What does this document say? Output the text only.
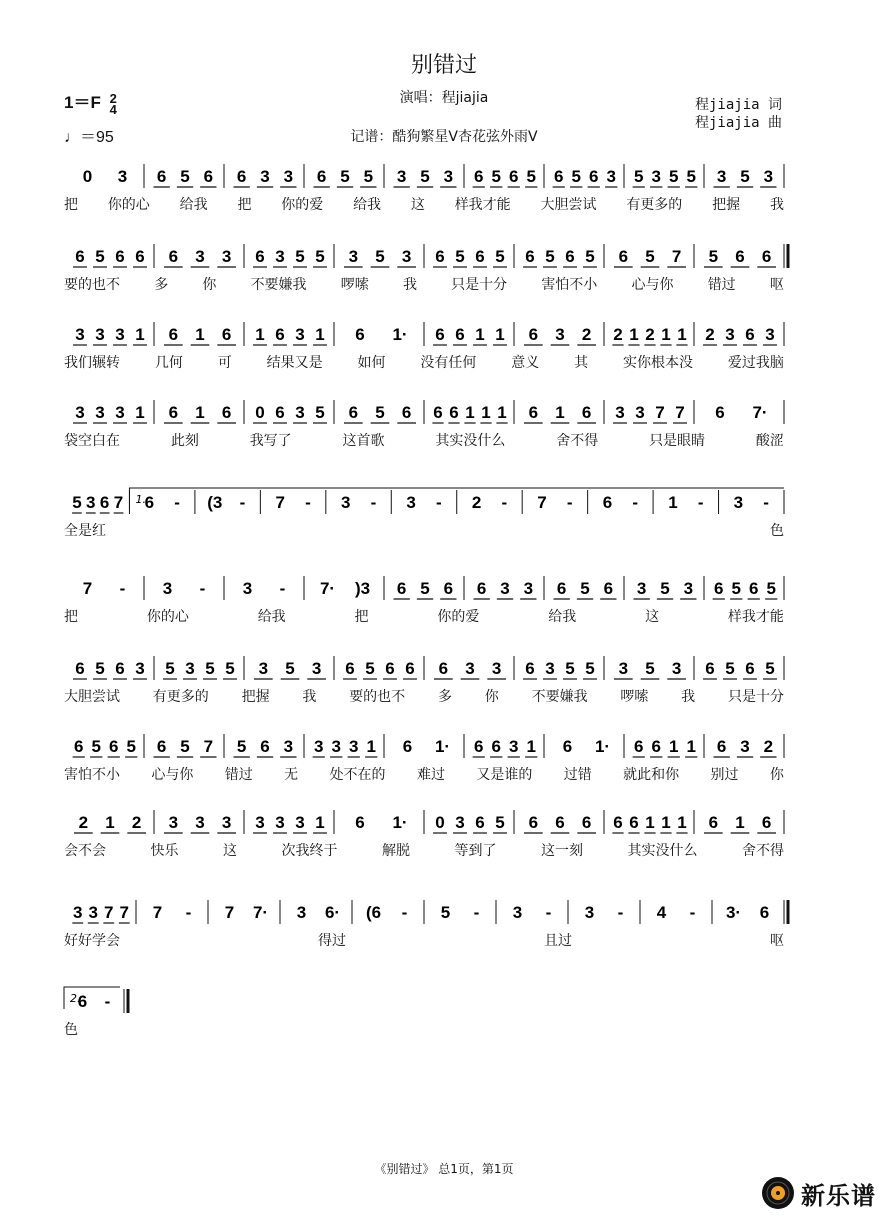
别错过
1＝F 2
4
♩＝95
演唱：程jiajia
记谱：酷狗繁星V杏花弦外雨V
程jiajia 词
程jiajia 曲
0 3 6 5 6 6 3 3 6 5 5 3 5 3 6 5 6 5 6 5 6 3 5 3 5 5 3 5 3
把 你的心 给我 把 你的爱 给我 这 样我才能 大胆尝试 有更多的 把握 我
6 5 6 6 6 3 3 6 3 5 5 3 5 3 6 5 6 5 6 5 6 5 6 5 7 5 6 6
要的也不 多 你 不要嫌我 啰嗦 我 只是十分 害怕不小 心与你 错过 呕
3 3 3 1 6 1 6 1 6 3 1 6 1· 6 6 1 1 6 3 2 2 1 2 1 1 2 3 6 3
我们辗转 几何 可 结果又是 如何 没有任何 意义 其 实你根本没 爱过我脑
3 3 3 1 6 1 6 0 6 3 5 6 5 6 6 6 1 1 1 6 1 6 3 3 7 7 6 7·
袋空白在	此刻	我写了	这首歌	其实没什么	舍不得	只是眼睛	酸涩
1.
5 3 6 7 6 - (3 - 7 - 3 - 3 - 2 - 7 - 6 - 1 - 3 -
全是红	色
7 - 3 - 3 - 7· )3 6 5 6 6 3 3 6 5 6 3 5 3 6 5 6 5
把	你的心	给我	把	你的爱	给我	这	样我才能
6 5 6 3 5 3 5 5 3 5 3 6 5 6 6 6 3 3 6 3 5 5 3 5 3 6 5 6 5
大胆尝试 有更多的 把握 我 要的也不 多 你 不要嫌我 啰嗦 我 只是十分
6 5 6 5 6 5 7 5 6 3 3 3 3 1 6 1· 6 6 3 1 6 1· 6 6 1 1 6 3 2
害怕不小 心与你 错过 无 处不在的 难过 又是谁的 过错 就此和你 别过 你
2 1 2 3 3 3 3 3 3 1 6 1· 0 3 6 5 6 6 6 6 6 1 1 1 6 1 6
会不会	快乐	这	次我终于	解脱	等到了	这一刻	其实没什么	舍不得
3 3 7 7 7 - 7 7· 3 6· (6 - 5 - 3 - 3 - 4 - 3· 6
好好学会	得过	且过	呕
2.
6 -
色
《别错过》 总1页，第1页
新乐谱
